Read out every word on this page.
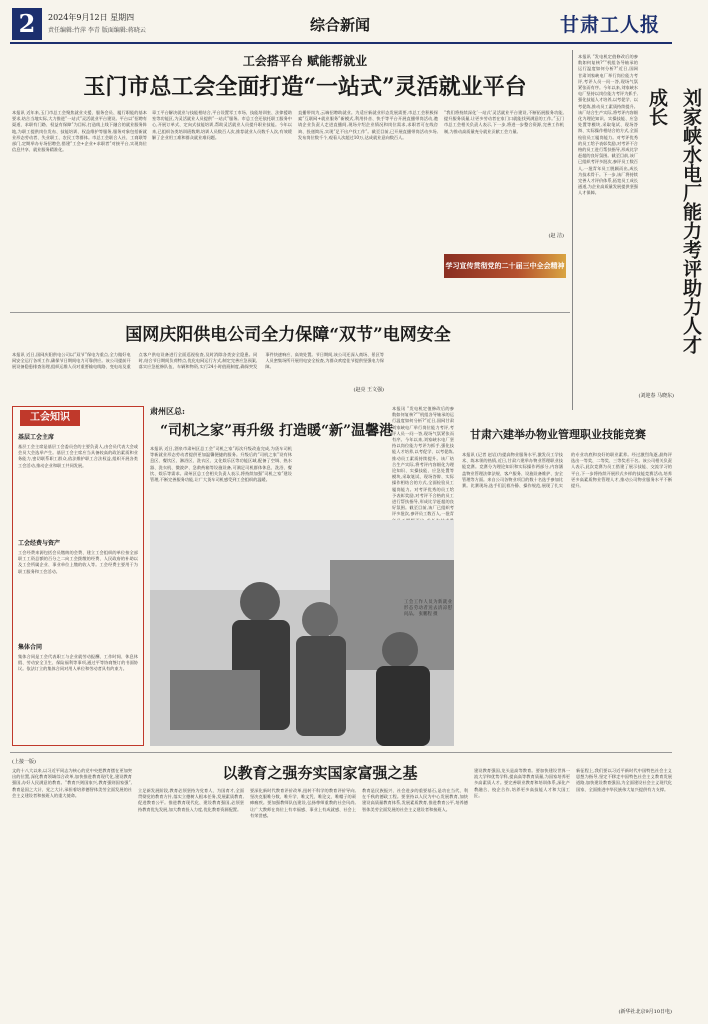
2	2024年9月12日 星期四
责任编辑:竹萍 李青 版面编辑:蒋晓云	综合新闻	甘肃工人报
工会搭平台 赋能帮就业
玉门市总工会全面打造“一站式”灵活就业平台
本报讯 近年来,玉门市总工会聚焦就业支援、服务会员、履行职能的基本要求,结合当地实际,大力推进“一站式”灵活就业平台建设。平台以“招聘有渠道、求职有门路、权益有保障”为目标,打造线上线下融合的就业服务阵地,为职工提供岗位发布、技能培训、权益维护等服务,服务对象包括新就业形态劳动者、失业职工、农民工等群体。市总工会联合人社、工商联等部门,定期举办专场招聘会,搭建“工会+企业+求职者”对接平台,实现岗位信息共享、就业服务精准化。
章工平台解决就业与技能相结合,平台设置零工市场、技能培训室、法律援助室等功能区,为灵活就业人员提供“一站式”服务。市总工会还依托职工服务中心,开展订单式、定向式技能培训,帮助灵活就业人员提升职业技能。今年以来,已组织各类培训班数期,培训人员数百人次,推荐就业人员数千人次,有效缓解了企业用工难和群众就业难问题。
直播带岗为,云端招聘助就业。为适应新就业形态发展需要,市总工会积极探索“互联网+就业服务”新模式,利用抖音、快手等平台开展直播带岗活动,邀请企业负责人走进直播间,现场介绍企业情况和岗位需求,求职者可在线咨询、投递简历,实现“足不出户找工作”。截至目前,已开展直播带岗活动多场,发布岗位数千个,观看人次超过10万,达成就业意向数百人。
“我们将持续深化‘一站式’灵活就业平台建设,不断拓展服务功能,提升服务质量,让更多劳动者在家门口就能找到满意的工作。”玉门市总工会相关负责人表示,下一步,将进一步整合资源,完善工作机制,为推动高质量充分就业贡献工会力量。
(赵 洁)
学习宣传贯彻党的二十届三中全会精神	刘家峡水电厂能力考评助力人才成长
本报讯 “发电机定值修改后的参数如何复核?”“机组各导轴承的运行温度如何分析?”近日,国网甘肃刘家峡电厂举行岗位能力考评,考评人员一问一答,现场气氛紧张而有序。今年以来,刘家峡水电厂坚持以岗位能力考评为抓手,强化技能人才培养,以考促学、以考促练,推动员工素质持续提升。该厂结合生产实际,将考评内容细化为理论知识、实操技能、应急处置等模块,采取笔试、现场答辩、实际操作相结合的方式,全面检验员工履岗能力。对考评优秀的员工给予表彰奖励,对考评不合格的员工进行帮扶指导,形成比学赶超的良好氛围。截至目前,该厂已组织考评多批次,参评员工数百人,一批青年员工脱颖而出,成长为技术骨干。下一步,该厂将持续完善人才评价体系,拓宽员工成长通道,为企业高质量发展提供坚强人才保障。
(刘迎春 马晓东)
国网庆阳供电公司全力保障“双节”电网安全
本报讯 近日,国网庆阳供电公司以“双节”保电为重点,全力做好电网安全运行各项工作,确保节日期间电力可靠供应。该公司提前开展设备隐患排查治理,组织运维人员对重要输电线路、变电站及重点客户供电设备进行全面巡视检查,及时消除各类安全隐患。同时,结合节日期间负荷特点,优化电网运行方式,制定完善应急预案,落实应急抢修队伍、车辆和物资,实行24小时值班制度,确保突发事件快速响应、高效处置。节日期间,该公司还深入商场、景区等人员密集场所开展用电安全检查,为群众欢度佳节提供坚强电力保障。
(赵亮 王文强)
工会知识
基层工会主席
基层工会主席是基层工会委员会的主要负责人,由会员代表大会或会员大会选举产生。基层工会主席应当具备较高的政治素质和业务能力,密切联系职工群众,依法维护职工合法权益,组织开展各类工会活动,推动企业和职工共同发展。
工会经费与资产
工会经费来源包括会员缴纳的会费、建立工会组织的单位按全部职工工资总额的百分之二向工会拨缴的经费、人民政府的补助以及工会所属企业、事业单位上缴的收入等。工会经费主要用于为职工服务和工会活动。
集体合同
集体合同是工会代表职工与企业就劳动报酬、工作时间、休息休假、劳动安全卫生、保险福利等事项,通过平等协商签订的书面协议。依法订立的集体合同对用人单位和劳动者具有约束力。
肃州区总:
“司机之家”再升级 打造暖“新”温馨港
本报讯 近日,酒泉市肃州区总工会“司机之家”再次升级改造完成,为货车司机等新就业形态劳动者提供更加温馨便捷的服务。升级后的“司机之家”设有休息区、餐饮区、淋浴区、洗衣区、文化娱乐区等功能区域,配备了空调、热水器、洗衣机、微波炉、急救药箱等设施设备,可满足司机群体休息、洗浴、餐饮、娱乐等需求。肃州区总工会相关负责人表示,将持续加强“司机之家”建设管理,不断完善服务功能,让广大货车司机感受到工会组织的温暖。
本报讯 “发电机定值修改后的参数如何复核?”“机组各导轴承的运行温度如何分析?”近日,国网甘肃刘家峡电厂举行岗位能力考评,考评人员一问一答,现场气氛紧张而有序。今年以来,刘家峡水电厂坚持以岗位能力考评为抓手,强化技能人才培养,以考促学、以考促练,推动员工素质持续提升。该厂结合生产实际,将考评内容细化为理论知识、实操技能、应急处置等模块,采取笔试、现场答辩、实际操作相结合的方式,全面检验员工履岗能力。对考评优秀的员工给予表彰奖励,对考评不合格的员工进行帮扶指导,形成比学赶超的良好氛围。截至目前,该厂已组织考评多批次,参评员工数百人,一批青
工会工作人员为新就业形态劳动者送去清凉慰问品。 张鹏程 摄
甘肃六建举办物业管理职业技能竞赛
本报讯 (记者 赵岩)为提高物业服务水平,激发员工学技术、练本领的热情,近日,甘肃六建举办物业管理职业技能竞赛。竞赛分为理论知识和实际操作两部分,内容涵盖物业管理法律法规、客户服务、设施设备维护、安全管理等方面。来自公司各物业项目的数十名选手参加比赛。比赛现场,选手们沉着冷静、操作规范,展现了扎实的专业功底和良好的职业素养。经过激烈角逐,最终评选出一等奖、二等奖、三等奖若干名。该公司相关负责人表示,此次竞赛为员工搭建了展示技能、交流学习的平台,下一步将持续开展形式多样的技能竞赛活动,培养更多高素质物业管理人才,推动公司物业服务水平不断提升。
(上接一版)
以教育之强夯实国家富强之基
文的十八大以来,以习近平同志为核心的党中央把教育摆在更加突出的位置,深化教育领域综合改革,加快推进教育现代化,建设教育强国,办好人民满意的教育。“教育兴则国家兴,教育强则国家强”,教育是国之大计、党之大计,承担着培养德智体美劳全面发展的社会主义建设者和接班人的重大使命。
立足新发展阶段,教育必须坚持为党育人、为国育才,全面贯彻党的教育方针,落实立德树人根本任务,发展素质教育,促进教育公平。推进教育现代化、建设教育强国,必须坚持教育优先发展,加大教育投入力度,优化教育资源配置。
要深化新时代教育评价改革,扭转不科学的教育评价导向,坚决克服唯分数、唯升学、唯文凭、唯论文、唯帽子的顽瘴痼疾。要加强教师队伍建设,弘扬尊师重教的社会风尚,让广大教师在岗位上有幸福感、事业上有成就感、社会上有荣誉感。
教育是民族振兴、社会进步的重要基石,是功在当代、利在千秋的德政工程。要坚持以人民为中心发展教育,加快建设高质量教育体系,发展素质教育,推进教育公平,培养德智体美劳全面发展的社会主义建设者和接班人。
建设教育强国,龙头是高等教育。要加快建设世界一流大学和优势学科,提高高等教育质量,为国家培养更多高素质人才。要完善职业教育和培训体系,深化产教融合、校企合作,培养更多高技能人才和大国工匠。
新征程上,我们要以习近平新时代中国特色社会主义思想为指导,坚定不移走中国特色社会主义教育发展道路,加快建设教育强国,为全面建设社会主义现代化国家、全面推进中华民族伟大复兴提供有力支撑。
(新华社北京9月10日电)
